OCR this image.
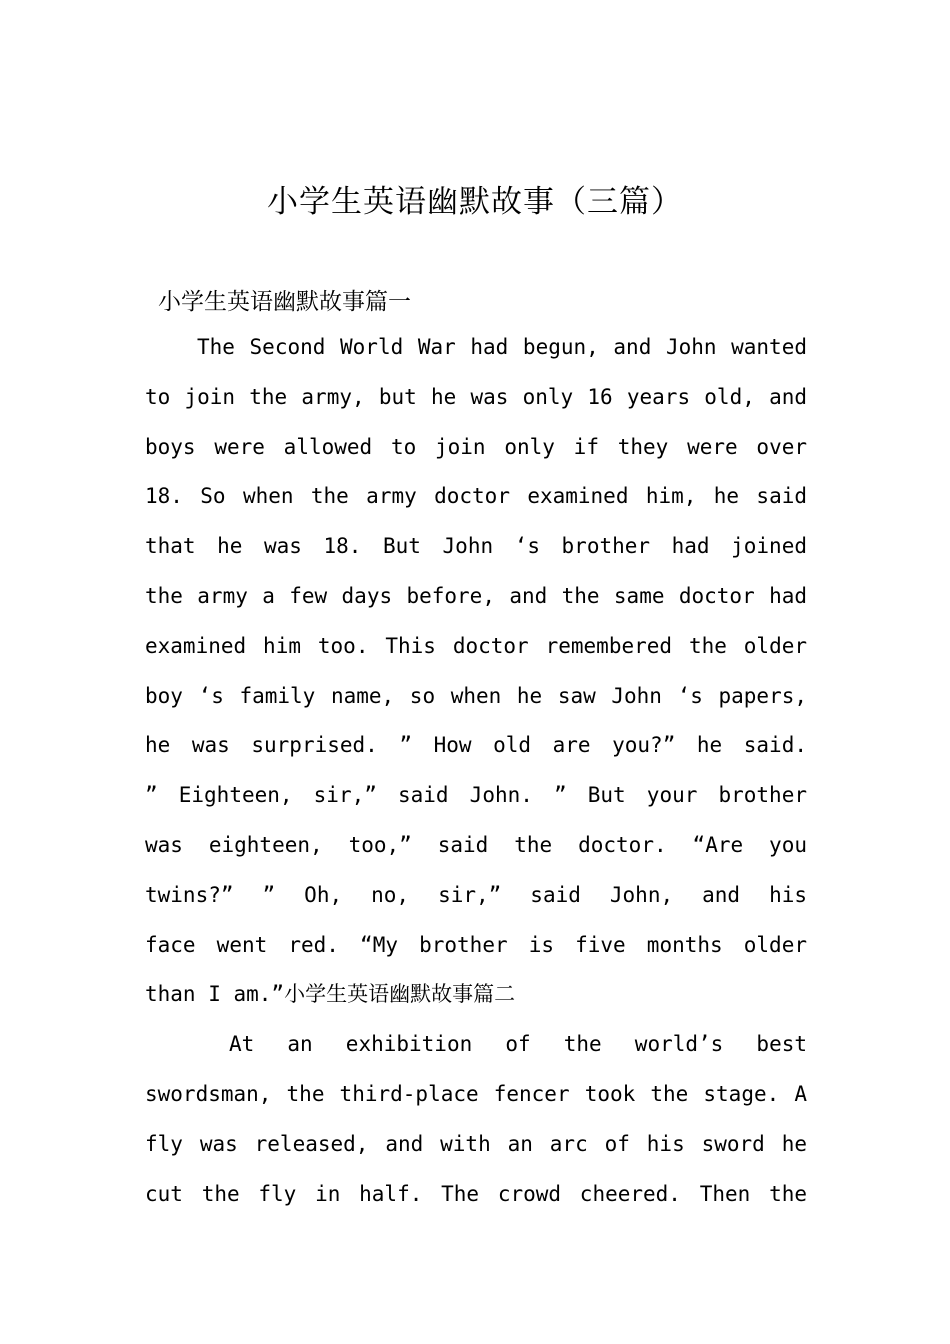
小学生英语幽默故事（三篇）
小学生英语幽默故事篇一
The Second World War had begun, and John wanted
to join the army, but he was only 16 years old, and
boys were allowed to join only if they were over
18. So when the army doctor examined him, he said
that he was 18. But John ‘s brother had joined
the army a few days before, and the same doctor had
examined him too. This doctor remembered the older
boy ‘s family name, so when he saw John ‘s papers,
he was surprised. ” How old are you?” he said.
” Eighteen, sir,” said John. ” But your brother
was eighteen, too,” said the doctor. “Are you
twins?” ” Oh, no, sir,” said John, and his
face went red. “My brother is five months older
than I am.”小学生英语幽默故事篇二
At an exhibition of the world’s best
swordsman, the third-place fencer took the stage. A
fly was released, and with an arc of his sword he
cut the fly in half. The crowd cheered. Then the
